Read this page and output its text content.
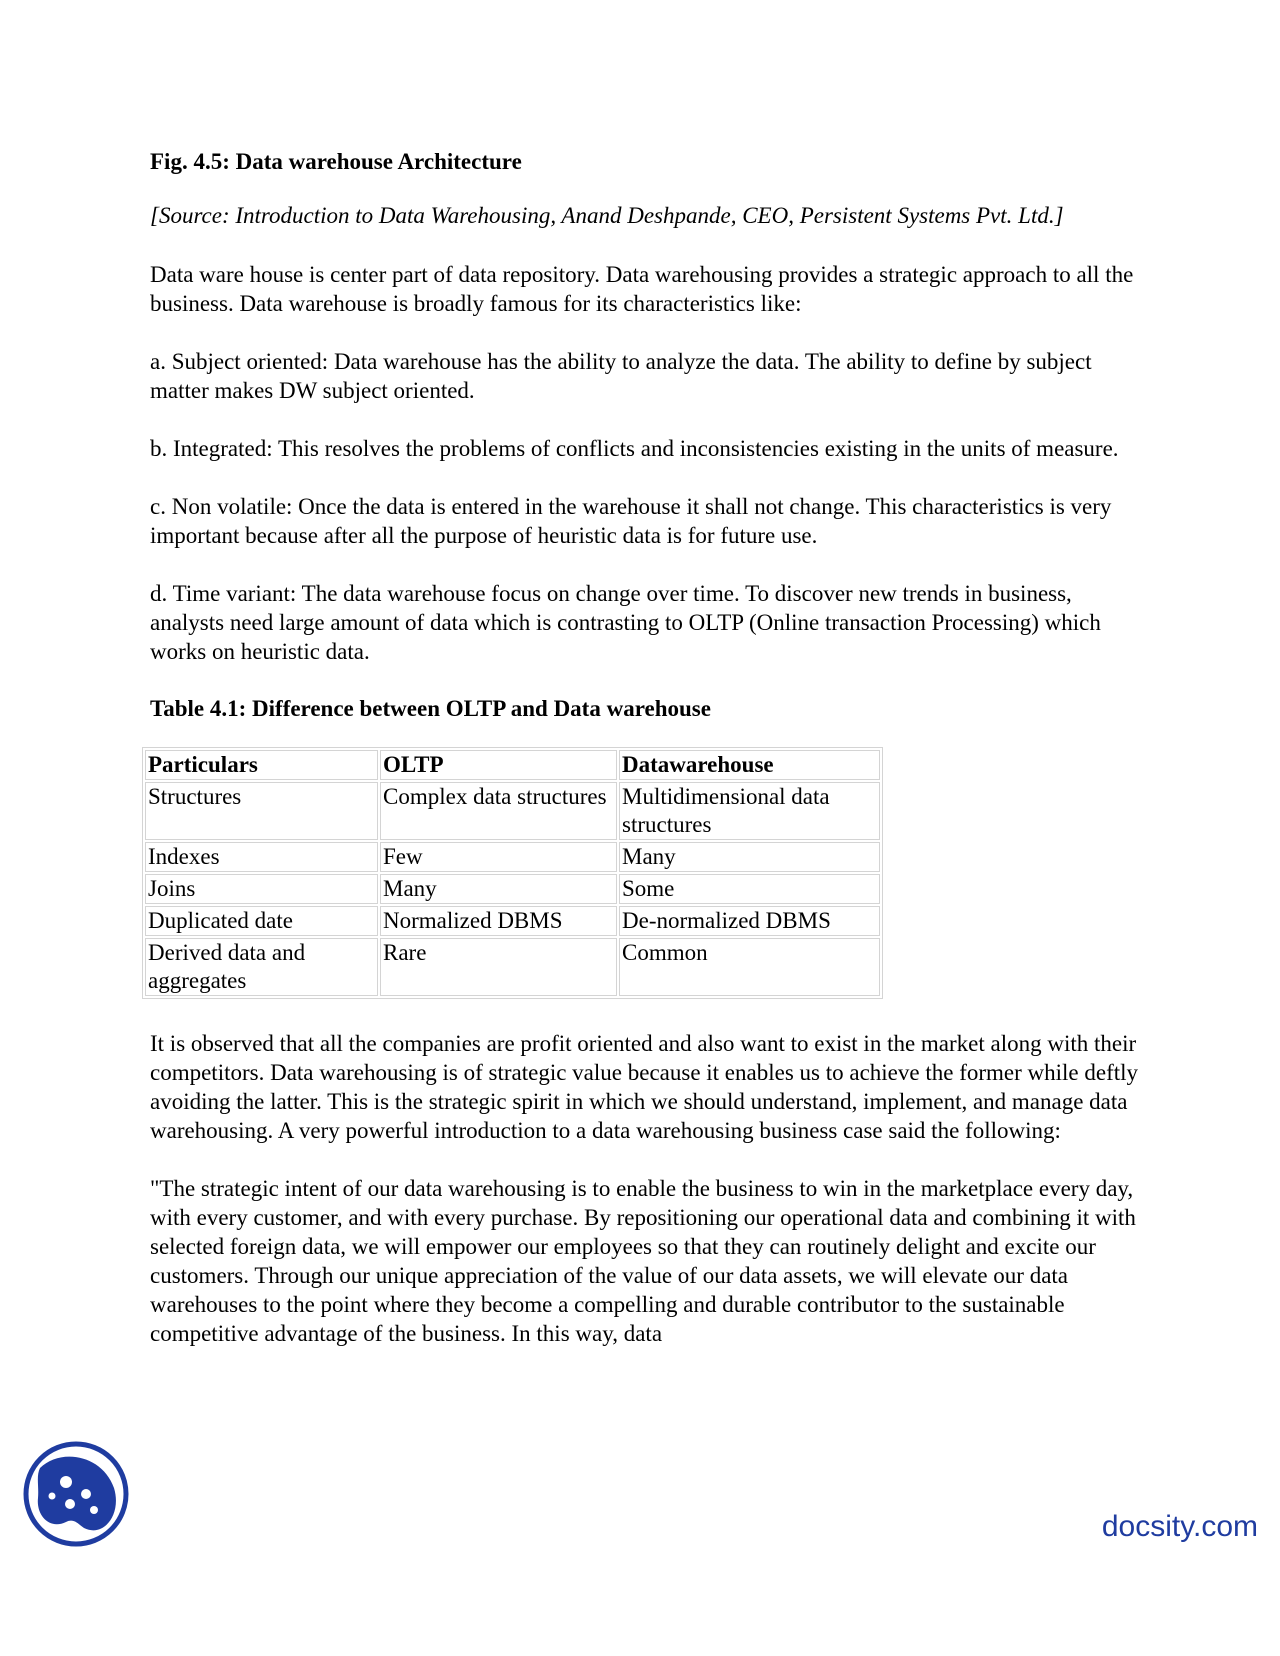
Fig. 4.5: Data warehouse Architecture

[Source: Introduction to Data Warehousing, Anand Deshpande, CEO, Persistent Systems Pvt. Ltd.]

Data ware house is center part of data repository. Data warehousing provides a strategic approach to all the business. Data warehouse is broadly famous for its characteristics like:

a. Subject oriented: Data warehouse has the ability to analyze the data. The ability to define by subject matter makes DW subject oriented.

b. Integrated: This resolves the problems of conflicts and inconsistencies existing in the units of measure.

c. Non volatile: Once the data is entered in the warehouse it shall not change. This characteristics is very important because after all the purpose of heuristic data is for future use.

d. Time variant: The data warehouse focus on change over time. To discover new trends in business, analysts need large amount of data which is contrasting to OLTP (Online transaction Processing) which works on heuristic data.

Table 4.1: Difference between OLTP and Data warehouse

Particulars	OLTP	Datawarehouse
Structures	Complex data structures	Multidimensional data structures
Indexes	Few	Many
Joins	Many	Some
Duplicated date	Normalized DBMS	De-normalized DBMS
Derived data and aggregates	Rare	Common

It is observed that all the companies are profit oriented and also want to exist in the market along with their competitors. Data warehousing is of strategic value because it enables us to achieve the former while deftly avoiding the latter. This is the strategic spirit in which we should understand, implement, and manage data warehousing. A very powerful introduction to a data warehousing business case said the following:

"The strategic intent of our data warehousing is to enable the business to win in the marketplace every day, with every customer, and with every purchase. By repositioning our operational data and combining it with selected foreign data, we will empower our employees so that they can routinely delight and excite our customers. Through our unique appreciation of the value of our data assets, we will elevate our data warehouses to the point where they become a compelling and durable contributor to the sustainable competitive advantage of the business. In this way, data

docsity.com
